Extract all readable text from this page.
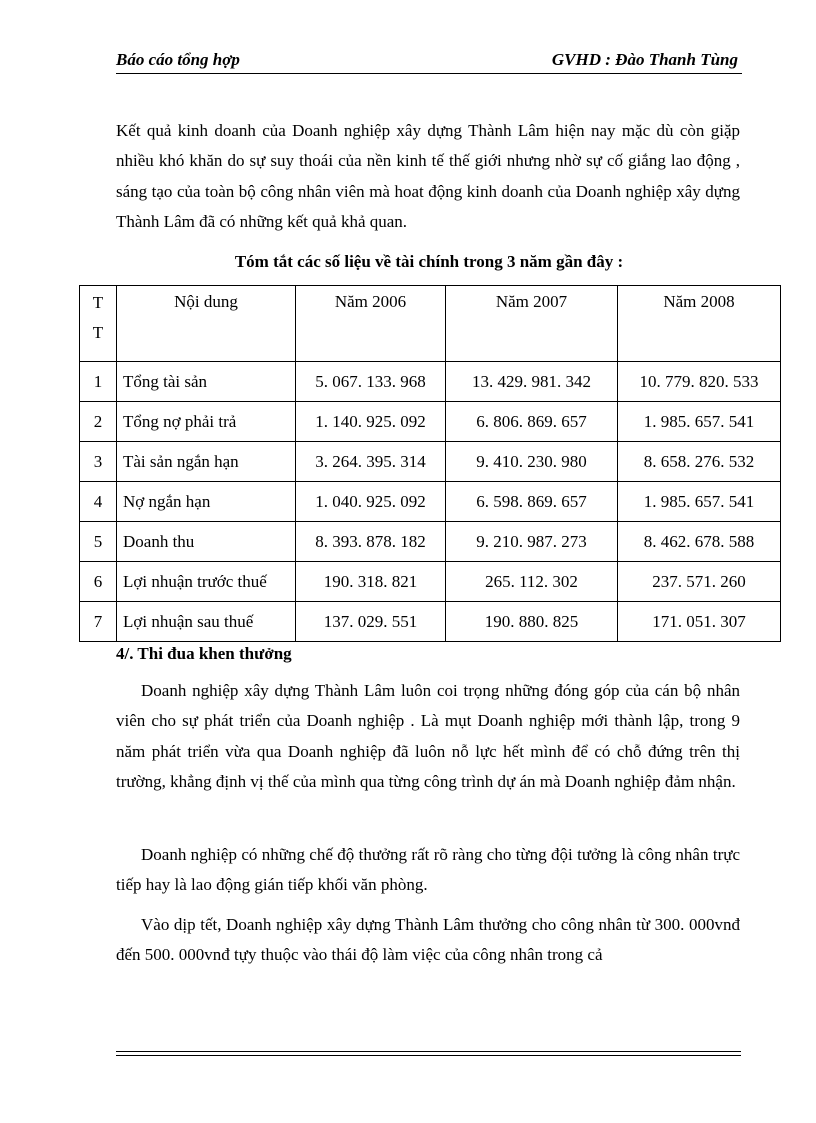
Báo cáo tổng hợp	GVHD : Đào Thanh Tùng

Kết quả kinh doanh của Doanh nghiệp xây dựng Thành Lâm hiện nay mặc dù còn giặp nhiều khó khăn do sự suy thoái của nền kinh tế thế giới nhưng nhờ sự cố giắng lao động , sáng tạo của toàn bộ công nhân viên mà hoat động kinh doanh của Doanh nghiệp xây dựng Thành Lâm đã có những kết quả khả quan.

Tóm tắt các số liệu về tài chính trong 3 năm gần đây :
T
T	Nội dung	Năm 2006	Năm 2007	Năm 2008
1	Tổng tài sản	5. 067. 133. 968	13. 429. 981. 342	10. 779. 820. 533
2	Tổng nợ phải trả	1. 140. 925. 092	6. 806. 869. 657	1. 985. 657. 541
3	Tài sản ngắn hạn	3. 264. 395. 314	9. 410. 230. 980	8. 658. 276. 532
4	Nợ ngắn hạn	1. 040. 925. 092	6. 598. 869. 657	1. 985. 657. 541
5	Doanh thu	8. 393. 878. 182	9. 210. 987. 273	8. 462. 678. 588
6	Lợi nhuận trước thuế	190. 318. 821	265. 112. 302	237. 571. 260
7	Lợi nhuận sau thuế	137. 029. 551	190. 880. 825	171. 051. 307
4/. Thi đua khen thưởng

Doanh nghiệp xây dựng Thành Lâm luôn coi trọng những đóng góp của cán bộ nhân viên cho sự phát triển của Doanh nghiệp . Là mụt Doanh nghiệp mới thành lập, trong 9 năm phát triển vừa qua Doanh nghiệp đã luôn nỗ lực hết mình để có chỗ đứng trên thị trường, khẳng định vị thế của mình qua từng công trình dự án mà Doanh nghiệp đảm nhận.

Doanh nghiệp có những chế độ thưởng rất rõ ràng cho từng đội tưởng là công nhân trực tiếp hay là lao động gián tiếp khối văn phòng.

Vào dịp tết, Doanh nghiệp xây dựng Thành Lâm thưởng cho công nhân từ 300. 000vnđ đến 500. 000vnđ tựy thuộc vào thái độ làm việc của công nhân trong cả
